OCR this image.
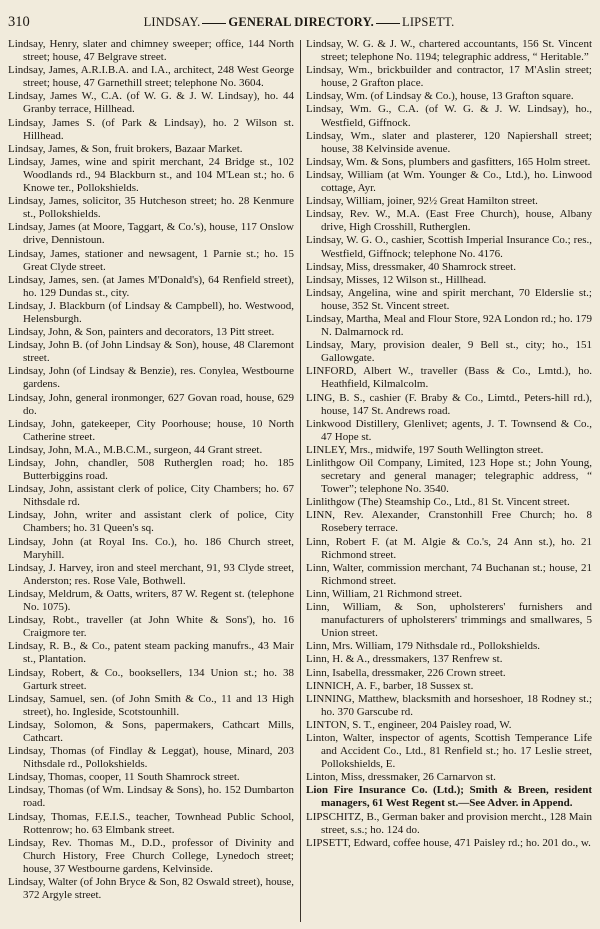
310	LINDSAY. GENERAL DIRECTORY. LIPSETT.

Lindsay, Henry, slater and chimney sweeper; office, 144 North street; house, 47 Belgrave street.

Lindsay, James, A.R.I.B.A. and I.A., architect, 248 West George street; house, 47 Garnethill street; telephone No. 3604.

Lindsay, James W., C.A. (of W. G. & J. W. Lindsay), ho. 44 Granby terrace, Hillhead.

Lindsay, James S. (of Park & Lindsay), ho. 2 Wilson st. Hillhead.

Lindsay, James, & Son, fruit brokers, Bazaar Market.

Lindsay, James, wine and spirit merchant, 24 Bridge st., 102 Woodlands rd., 94 Blackburn st., and 104 M'Lean st.; ho. 6 Knowe ter., Pollokshields.

Lindsay, James, solicitor, 35 Hutcheson street; ho. 28 Kenmure st., Pollokshields.

Lindsay, James (at Moore, Taggart, & Co.'s), house, 117 Onslow drive, Dennistoun.

Lindsay, James, stationer and newsagent, 1 Parnie st.; ho. 15 Great Clyde street.

Lindsay, James, sen. (at James M'Donald's), 64 Renfield street), ho. 129 Dundas st., city.

Lindsay, J. Blackburn (of Lindsay & Campbell), ho. Westwood, Helensburgh.

Lindsay, John, & Son, painters and decorators, 13 Pitt street.

Lindsay, John B. (of John Lindsay & Son), house, 48 Claremont street.

Lindsay, John (of Lindsay & Benzie), res. Conylea, Westbourne gardens.

Lindsay, John, general ironmonger, 627 Govan road, house, 629 do.

Lindsay, John, gatekeeper, City Poorhouse; house, 10 North Catherine street.

Lindsay, John, M.A., M.B.C.M., surgeon, 44 Grant street.

Lindsay, John, chandler, 508 Rutherglen road; ho. 185 Butterbiggins road.

Lindsay, John, assistant clerk of police, City Chambers; ho. 67 Nithsdale rd.

Lindsay, John, writer and assistant clerk of police, City Chambers; ho. 31 Queen's sq.

Lindsay, John (at Royal Ins. Co.), ho. 186 Church street, Maryhill.

Lindsay, J. Harvey, iron and steel merchant, 91, 93 Clyde street, Anderston; res. Rose Vale, Bothwell.

Lindsay, Meldrum, & Oatts, writers, 87 W. Regent st. (telephone No. 1075).

Lindsay, Robt., traveller (at John White & Sons'), ho. 16 Craigmore ter.

Lindsay, R. B., & Co., patent steam packing manufrs., 43 Mair st., Plantation.

Lindsay, Robert, & Co., booksellers, 134 Union st.; ho. 38 Garturk street.

Lindsay, Samuel, sen. (of John Smith & Co., 11 and 13 High street), ho. Ingleside, Scotstounhill.

Lindsay, Solomon, & Sons, papermakers, Cathcart Mills, Cathcart.

Lindsay, Thomas (of Findlay & Leggat), house, Minard, 203 Nithsdale rd., Pollokshields.

Lindsay, Thomas, cooper, 11 South Shamrock street.

Lindsay, Thomas (of Wm. Lindsay & Sons), ho. 152 Dumbarton road.

Lindsay, Thomas, F.E.I.S., teacher, Townhead Public School, Rottenrow; ho. 63 Elmbank street.

Lindsay, Rev. Thomas M., D.D., professor of Divinity and Church History, Free Church College, Lynedoch street; house, 37 Westbourne gardens, Kelvinside.

Lindsay, Walter (of John Bryce & Son, 82 Oswald street), house, 372 Argyle street.

Lindsay, W. G. & J. W., chartered accountants, 156 St. Vincent street; telephone No. 1194; telegraphic address, “ Heritable.”

Lindsay, Wm., brickbuilder and contractor, 17 M'Aslin street; house, 2 Grafton place.

Lindsay, Wm. (of Lindsay & Co.), house, 13 Grafton square.

Lindsay, Wm. G., C.A. (of W. G. & J. W. Lindsay), ho., Westfield, Giffnock.

Lindsay, Wm., slater and plasterer, 120 Napiershall street; house, 38 Kelvinside avenue.

Lindsay, Wm. & Sons, plumbers and gasfitters, 165 Holm street.

Lindsay, William (at Wm. Younger & Co., Ltd.), ho. Linwood cottage, Ayr.

Lindsay, William, joiner, 92½ Great Hamilton street.

Lindsay, Rev. W., M.A. (East Free Church), house, Albany drive, High Crosshill, Rutherglen.

Lindsay, W. G. O., cashier, Scottish Imperial Insurance Co.; res., Westfield, Giffnock; telephone No. 4176.

Lindsay, Miss, dressmaker, 40 Shamrock street.

Lindsay, Misses, 12 Wilson st., Hillhead.

Lindsay, Angelina, wine and spirit merchant, 70 Elderslie st.; house, 352 St. Vincent street.

Lindsay, Martha, Meal and Flour Store, 92A London rd.; ho. 179 N. Dalmarnock rd.

Lindsay, Mary, provision dealer, 9 Bell st., city; ho., 151 Gallowgate.

LINFORD, Albert W., traveller (Bass & Co., Lmtd.), ho. Heathfield, Kilmalcolm.

LING, B. S., cashier (F. Braby & Co., Limtd., Peters-hill rd.), house, 147 St. Andrews road.

Linkwood Distillery, Glenlivet; agents, J. T. Townsend & Co., 47 Hope st.

LINLEY, Mrs., midwife, 197 South Wellington street.

Linlithgow Oil Company, Limited, 123 Hope st.; John Young, secretary and general manager; telegraphic address, “ Tower”; telephone No. 3540.

Linlithgow (The) Steamship Co., Ltd., 81 St. Vincent street.

LINN, Rev. Alexander, Cranstonhill Free Church; ho. 8 Rosebery terrace.

Linn, Robert F. (at M. Algie & Co.'s, 24 Ann st.), ho. 21 Richmond street.

Linn, Walter, commission merchant, 74 Buchanan st.; house, 21 Richmond street.

Linn, William, 21 Richmond street.

Linn, William, & Son, upholsterers' furnishers and manufacturers of upholsterers' trimmings and smallwares, 5 Union street.

Linn, Mrs. William, 179 Nithsdale rd., Pollokshields.

Linn, H. & A., dressmakers, 137 Renfrew st.

Linn, Isabella, dressmaker, 226 Crown street.

LINNICH, A. F., barber, 18 Sussex st.

LINNING, Matthew, blacksmith and horseshoer, 18 Rodney st.; ho. 370 Garscube rd.

LINTON, S. T., engineer, 204 Paisley road, W.

Linton, Walter, inspector of agents, Scottish Temperance Life and Accident Co., Ltd., 81 Renfield st.; ho. 17 Leslie street, Pollokshields, E.

Linton, Miss, dressmaker, 26 Carnarvon st.

Lion Fire Insurance Co. (Ltd.); Smith & Breen, resident managers, 61 West Regent st.—See Adver. in Append.

LIPSCHITZ, B., German baker and provision mercht., 128 Main street, s.s.; ho. 124 do.

LIPSETT, Edward, coffee house, 471 Paisley rd.; ho. 201 do., w.
